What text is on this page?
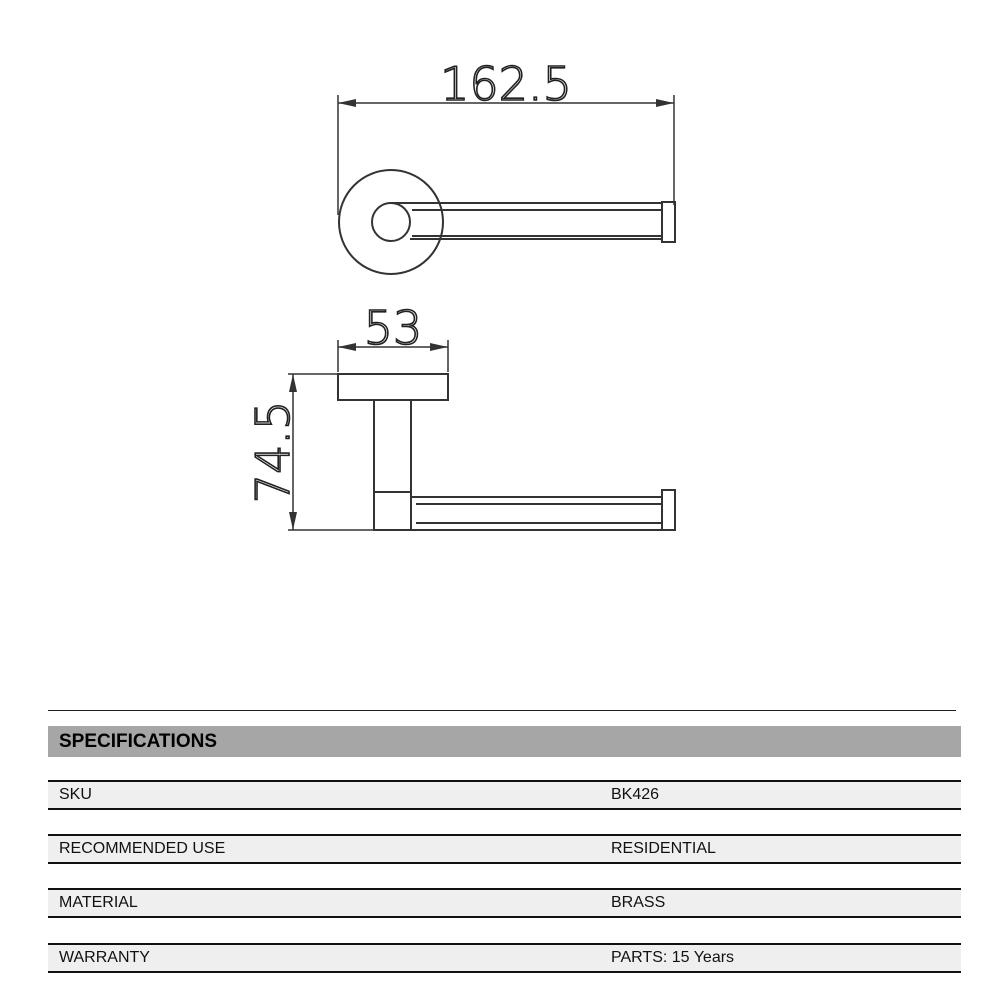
162.5
53
74.5
SPECIFICATIONS
SKU	BK426
RECOMMENDED USE	RESIDENTIAL
MATERIAL	BRASS
WARRANTY	PARTS: 15 Years
